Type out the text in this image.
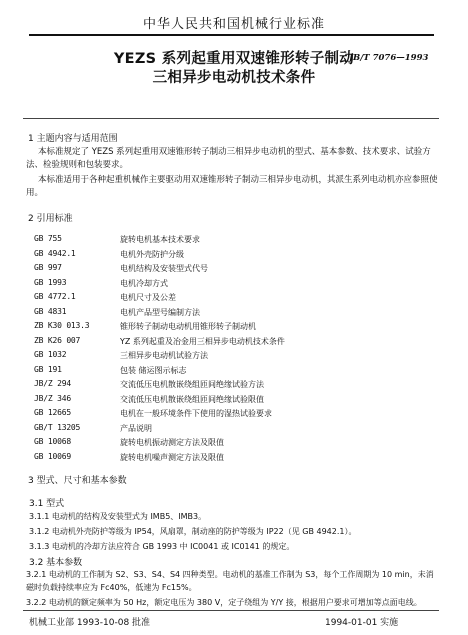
中华人民共和国机械行业标准
YEZS 系列起重用双速锥形转子制动
三相异步电动机技术条件
JB/T 7076—1993
1 主题内容与适用范围
本标准规定了 YEZS 系列起重用双速锥形转子制动三相异步电动机的型式、基本参数、技术要求、试验方法、检验规则和包装要求。
本标准适用于各种起重机械作主要驱动用双速锥形转子制动三相异步电动机，其派生系列电动机亦应参照使用。
2 引用标准
GB 755	旋转电机基本技术要求
GB 4942.1	电机外壳防护分级
GB 997	电机结构及安装型式代号
GB 1993	电机冷却方式
GB 4772.1	电机尺寸及公差
GB 4831	电机产品型号编制方法
ZB K30 013.3	锥形转子制动电动机用锥形转子制动机
ZB K26 007	YZ 系列起重及冶金用三相异步电动机技术条件
GB 1032	三相异步电动机试验方法
GB 191	包装 储运图示标志
JB/Z 294	交流低压电机散嵌绕组匝间绝缘试验方法
JB/Z 346	交流低压电机散嵌绕组匝间绝缘试验限值
GB 12665	电机在一般环境条件下使用的湿热试验要求
GB/T 13205	产品说明
GB 10068	旋转电机振动测定方法及限值
GB 10069	旋转电机噪声测定方法及限值
3 型式、尺寸和基本参数
3.1 型式
3.1.1 电动机的结构及安装型式为 IMB5、IMB3。
3.1.2 电动机外壳防护等级为 IP54，风扇罩，制动座的防护等级为 IP22（见 GB 4942.1）。
3.1.3 电动机的冷却方法应符合 GB 1993 中 IC0041 或 IC0141 的规定。
3.2 基本参数
3.2.1 电动机的工作制为 S2、S3、S4、S4 四种类型。电动机的基准工作制为 S3，每个工作周期为 10 min，未消磁时负载持续率应为 Fc40%，低速为 Fc15%。
3.2.2 电动机的额定频率为 50 Hz，额定电压为 380 V，定子绕组为 Y/Y 接，根据用户要求可增加等点面电线。
机械工业部 1993-10-08 批准	1994-01-01 实施
